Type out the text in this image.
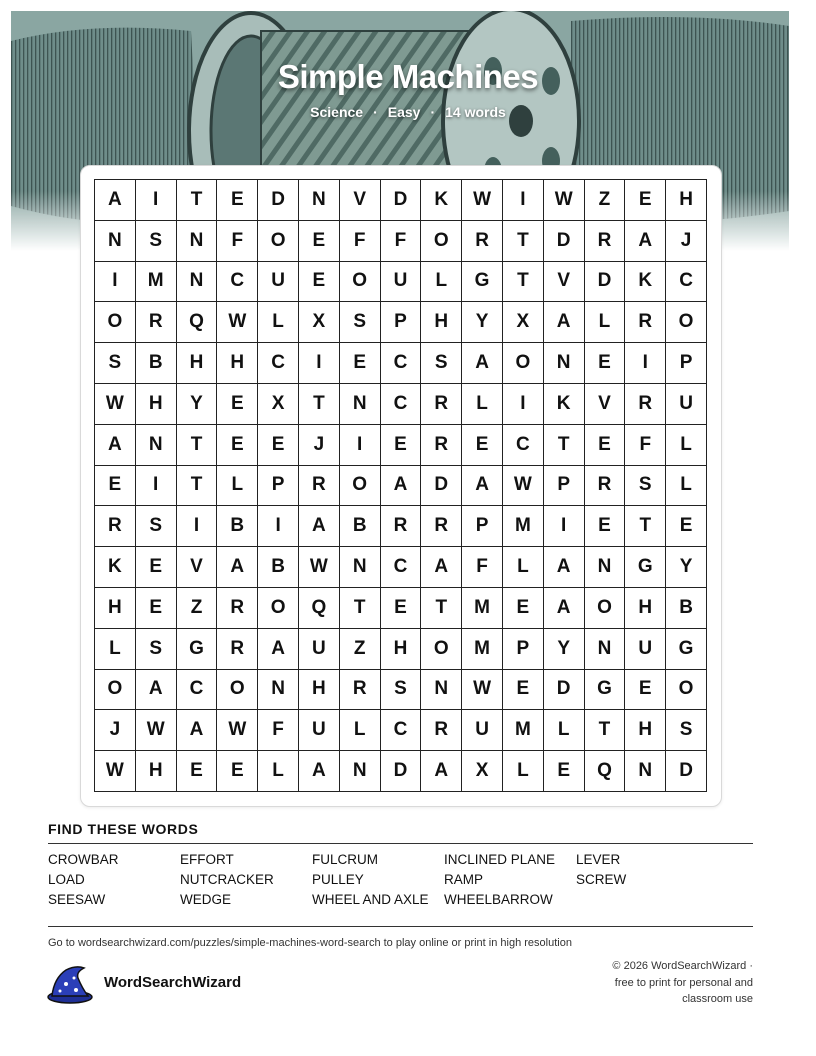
Simple Machines
Science · Easy · 14 words
A	I	T	E	D	N	V	D	K	W	I	W	Z	E	H
N	S	N	F	O	E	F	F	O	R	T	D	R	A	J
I	M	N	C	U	E	O	U	L	G	T	V	D	K	C
O	R	Q	W	L	X	S	P	H	Y	X	A	L	R	O
S	B	H	H	C	I	E	C	S	A	O	N	E	I	P
W	H	Y	E	X	T	N	C	R	L	I	K	V	R	U
A	N	T	E	E	J	I	E	R	E	C	T	E	F	L
E	I	T	L	P	R	O	A	D	A	W	P	R	S	L
R	S	I	B	I	A	B	R	R	P	M	I	E	T	E
K	E	V	A	B	W	N	C	A	F	L	A	N	G	Y
H	E	Z	R	O	Q	T	E	T	M	E	A	O	H	B
L	S	G	R	A	U	Z	H	O	M	P	Y	N	U	G
O	A	C	O	N	H	R	S	N	W	E	D	G	E	O
J	W	A	W	F	U	L	C	R	U	M	L	T	H	S
W	H	E	E	L	A	N	D	A	X	L	E	Q	N	D
FIND THESE WORDS
CROWBAR	EFFORT	FULCRUM	INCLINED PLANE	LEVER
LOAD	NUTCRACKER	PULLEY	RAMP	SCREW
SEESAW	WEDGE	WHEEL AND AXLE	WHEELBARROW
Go to wordsearchwizard.com/puzzles/simple-machines-word-search to play online or print in high resolution
WordSearchWizard
© 2026 WordSearchWizard ·
free to print for personal and
classroom use
